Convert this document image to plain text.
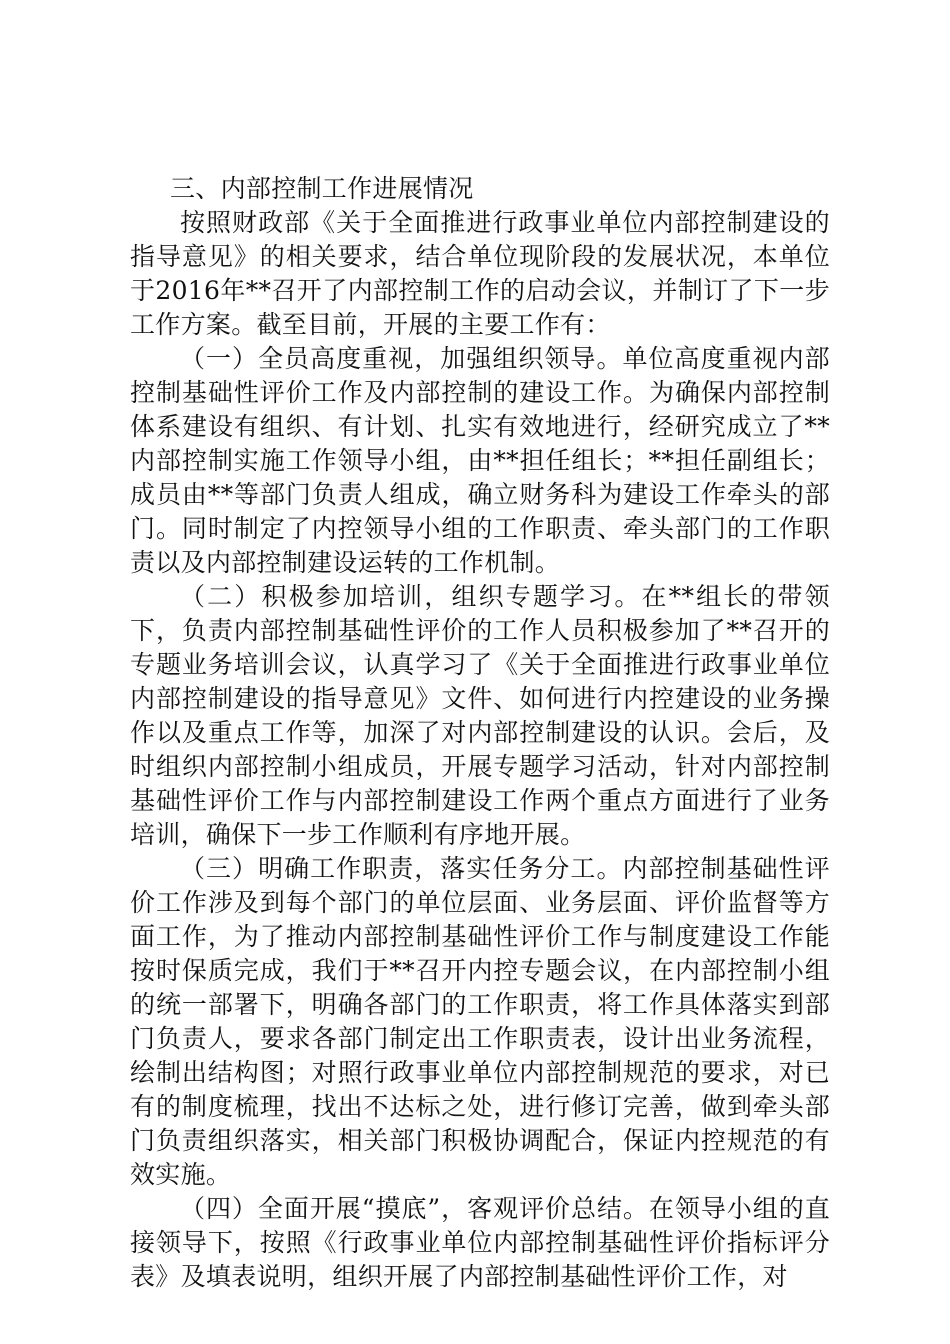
三、内部控制工作进展情况

按照财政部《关于全面推进行政事业单位内部控制建设的指导意见》的相关要求，结合单位现阶段的发展状况，本单位于2016年**召开了内部控制工作的启动会议，并制订了下一步工作方案。截至目前，开展的主要工作有：

（一）全员高度重视，加强组织领导。单位高度重视内部控制基础性评价工作及内部控制的建设工作。为确保内部控制体系建设有组织、有计划、扎实有效地进行，经研究成立了**内部控制实施工作领导小组，由**担任组长；**担任副组长；成员由**等部门负责人组成，确立财务科为建设工作牵头的部门。同时制定了内控领导小组的工作职责、牵头部门的工作职责以及内部控制建设运转的工作机制。

（二）积极参加培训，组织专题学习。在**组长的带领下，负责内部控制基础性评价的工作人员积极参加了**召开的专题业务培训会议，认真学习了《关于全面推进行政事业单位内部控制建设的指导意见》文件、如何进行内控建设的业务操作以及重点工作等，加深了对内部控制建设的认识。会后，及时组织内部控制小组成员，开展专题学习活动，针对内部控制基础性评价工作与内部控制建设工作两个重点方面进行了业务培训，确保下一步工作顺利有序地开展。

（三）明确工作职责，落实任务分工。内部控制基础性评价工作涉及到每个部门的单位层面、业务层面、评价监督等方面工作，为了推动内部控制基础性评价工作与制度建设工作能按时保质完成，我们于**召开内控专题会议，在内部控制小组的统一部署下，明确各部门的工作职责，将工作具体落实到部门负责人，要求各部门制定出工作职责表，设计出业务流程，绘制出结构图；对照行政事业单位内部控制规范的要求，对已有的制度梳理，找出不达标之处，进行修订完善，做到牵头部门负责组织落实，相关部门积极协调配合，保证内控规范的有效实施。

（四）全面开展“摸底”，客观评价总结。在领导小组的直接领导下，按照《行政事业单位内部控制基础性评价指标评分表》及填表说明，组织开展了内部控制基础性评价工作，对
